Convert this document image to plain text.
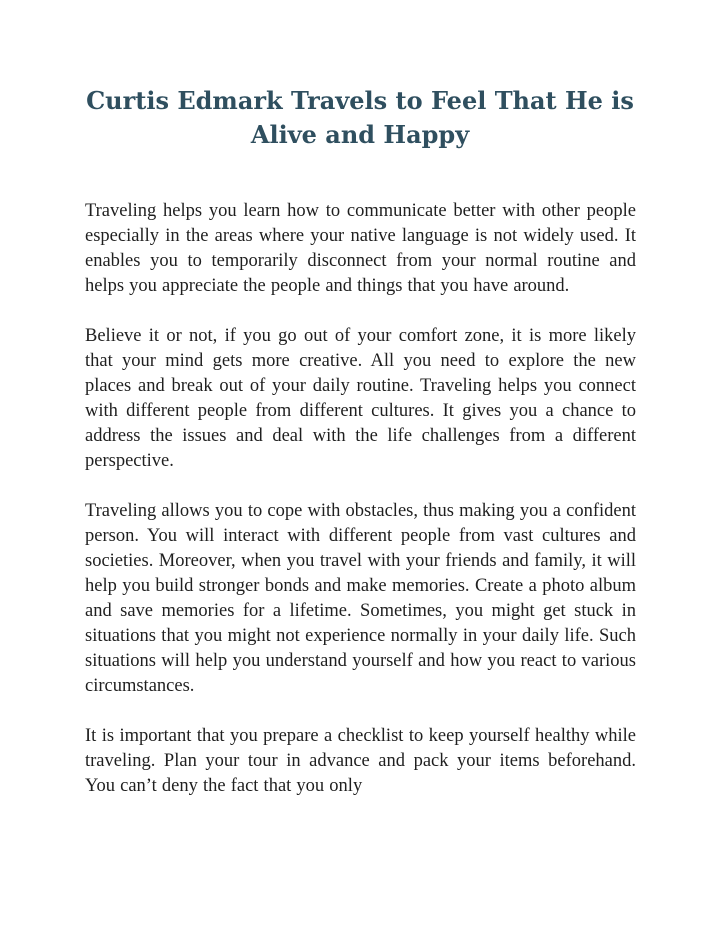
Curtis Edmark Travels to Feel That He is
Alive and Happy

Traveling helps you learn how to communicate better with other people especially in the areas where your native language is not widely used. It enables you to temporarily disconnect from your normal routine and helps you appreciate the people and things that you have around.

Believe it or not, if you go out of your comfort zone, it is more likely that your mind gets more creative. All you need to explore the new places and break out of your daily routine. Traveling helps you connect with different people from different cultures. It gives you a chance to address the issues and deal with the life challenges from a different perspective.

Traveling allows you to cope with obstacles, thus making you a confident person. You will interact with different people from vast cultures and societies. Moreover, when you travel with your friends and family, it will help you build stronger bonds and make memories. Create a photo album and save memories for a lifetime. Sometimes, you might get stuck in situations that you might not experience normally in your daily life. Such situations will help you understand yourself and how you react to various circumstances.

It is important that you prepare a checklist to keep yourself healthy while traveling. Plan your tour in advance and pack your items beforehand. You can’t deny the fact that you only
